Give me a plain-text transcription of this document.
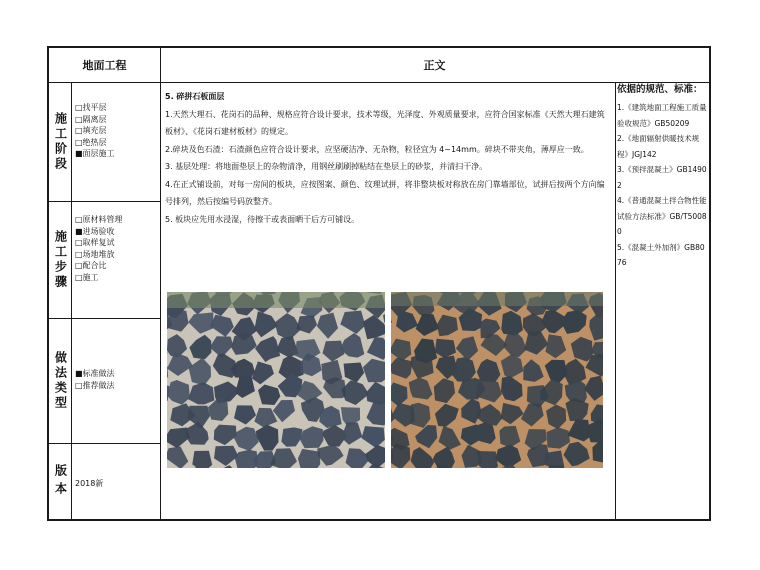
地面工程	正文
施工阶段
□找平层
□隔离层
□填充层
□绝热层
■面层施工
施工步骤
□原材料管理
■进场验收
□取样复试
□场地堆放
□配合比
□施工
做法类型 ■标准做法
□推荐做法
版本 2018新

5. 碎拼石板面层

1.天然大理石、花岗石的品种、规格应符合设计要求，技术等级，光泽度、外观质量要求，应符合国家标准《天然大理石建筑板材》、《花岗石建材板材》的规定。

2.碎块及色石渣：石渣颜色应符合设计要求，应坚硬洁净、无杂物，粒径宜为 4~14mm。碎块不带夹角，薄厚应一致。

3. 基层处理：将地面垫层上的杂物清净，用钢丝刷刷掉粘结在垫层上的砂浆，并清扫干净。

4.在正式铺设前，对每一房间的板块，应按图案、颜色、纹理试拼，将非整块板对称放在房门靠墙部位，试拼后按两个方向编号排列，然后按编号码放整齐。

5. 板块应先用水浸湿，待擦干或表面晒干后方可铺设。

依据的规范、标准：
1.《建筑地面工程施工质量验收规范》GB50209
2.《地面辐射供暖技术规程》JGJ142
3.《预拌混凝土》GB14902
4.《普通混凝土拌合物性能试验方法标准》GB/T50080
5.《混凝土外加剂》GB8076
